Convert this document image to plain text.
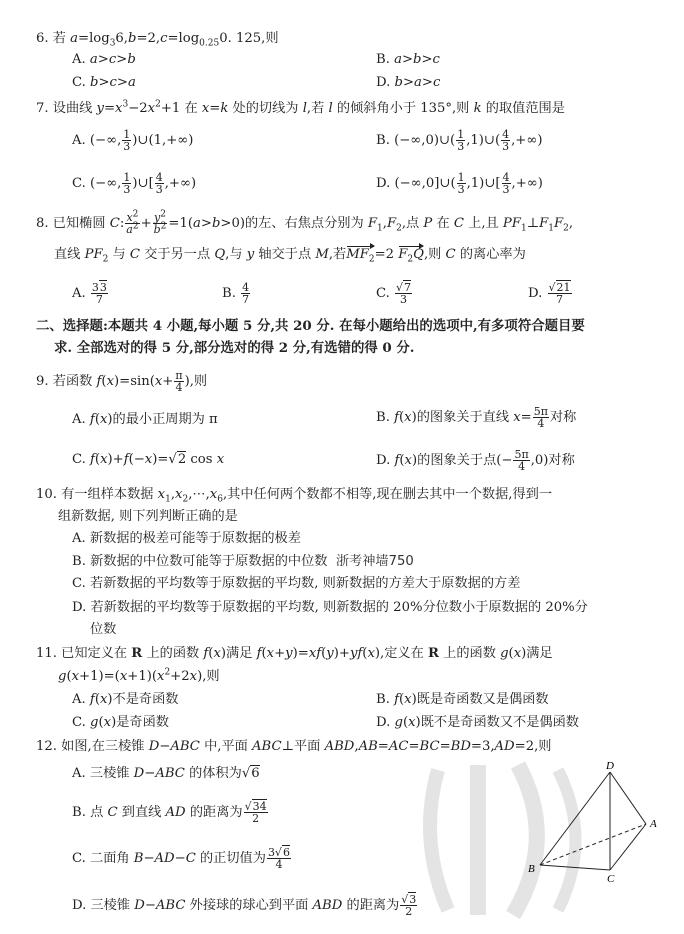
6. 若 $a=\log_36,b=2,c=\log_{0.25}0$. 125,则
A. a>c>b	B. a>b>c
C. b>c>a	D. b>a>c
7. 设曲线 $y=x^3-2x^2+1$ 在 x=k 处的切线为 l,若 l 的倾斜角小于 135°,则 k 的取值范围是
A. (−∞, $\frac{1}{3}$ )∪(1,+∞)	B. (−∞,0)∪( $\frac{1}{3}$ ,1)∪( $\frac{4}{3}$ ,+∞)
C. (−∞, $\frac{1}{3}$ )∪[ $\frac{4}{3}$ ,+∞)	D. (−∞,0]∪( $\frac{1}{3}$ ,1)∪[ $\frac{4}{3}$ ,+∞)
8. 已知椭圆 C: $\frac{x^2}{a^2} + \frac{y^2}{b^2} =1(a>b>0)$的左、右焦点分别为 $F_1,F_2$,点 P 在 C 上,且 $PF_1\perp F_1F_2$,
直线 $PF_2$ 与 C 交于另一点 Q,与 y 轴交于点 M,若$MF_2=2$ $F_2Q$,则 C 的离心率为
A. $\frac{33}{7}$	B. $\frac{4}{7}$	C. $\frac{√7}{3}$	D. $\frac{√21}{7}$
二、选择题:本题共 4 小题,每小题 5 分,共 20 分. 在每小题给出的选项中,有多项符合题目要
求. 全部选对的得 5 分,部分选对的得 2 分,有选错的得 0 分.
9. 若函数 $f(x)=\sin(x+ \frac{\pi}{4}$ ),则
A. f(x)的最小正周期为 π	B. f(x)的图象关于直线 $x= \frac{5\pi}{4}$ 对称
C. f(x)+f(−x)=√2 cos x	D. f(x)的图象关于点(− $\frac{5\pi}{4} ,0$)对称
10. 有一组样本数据 $x_1,x_2,\cdots,x_6$,其中任何两个数都不相等,现在删去其中一个数据,得到一
组新数据, 则下列判断正确的是
A. 新数据的极差可能等于原数据的极差
B. 新数据的中位数可能等于原数据的中位数 浙考神墙750
C. 若新数据的平均数等于原数据的平均数, 则新数据的方差大于原数据的方差
D. 若新数据的平均数等于原数据的平均数, 则新数据的 20%分位数小于原数据的 20%分
位数
11. 已知定义在 R 上的函数 f(x)满足 f(x+y)=xf(y)+yf(x),定义在 R 上的函数 g(x)满足
$g(x+1)=(x+1)(x^2+2x)$,则
A. f(x)不是奇函数	B. f(x)既是奇函数又是偶函数
C. g(x)是奇函数	D. g(x)既不是奇函数又不是偶函数
12. 如图,在三棱锥 D−ABC 中,平面 ABC⊥平面 ABD,AB=AC=BC=BD=3,AD=2,则
A. 三棱锥 D−ABC 的体积为√6
B. 点 C 到直线 AD 的距离为 $\frac{√34}{2}$
C. 二面角 B−AD−C 的正切值为 $\frac{3√6}{4}$
D. 三棱锥 D−ABC 外接球的球心到平面 ABD 的距离为 $\frac{√3}{2}$
D
A
B
C
